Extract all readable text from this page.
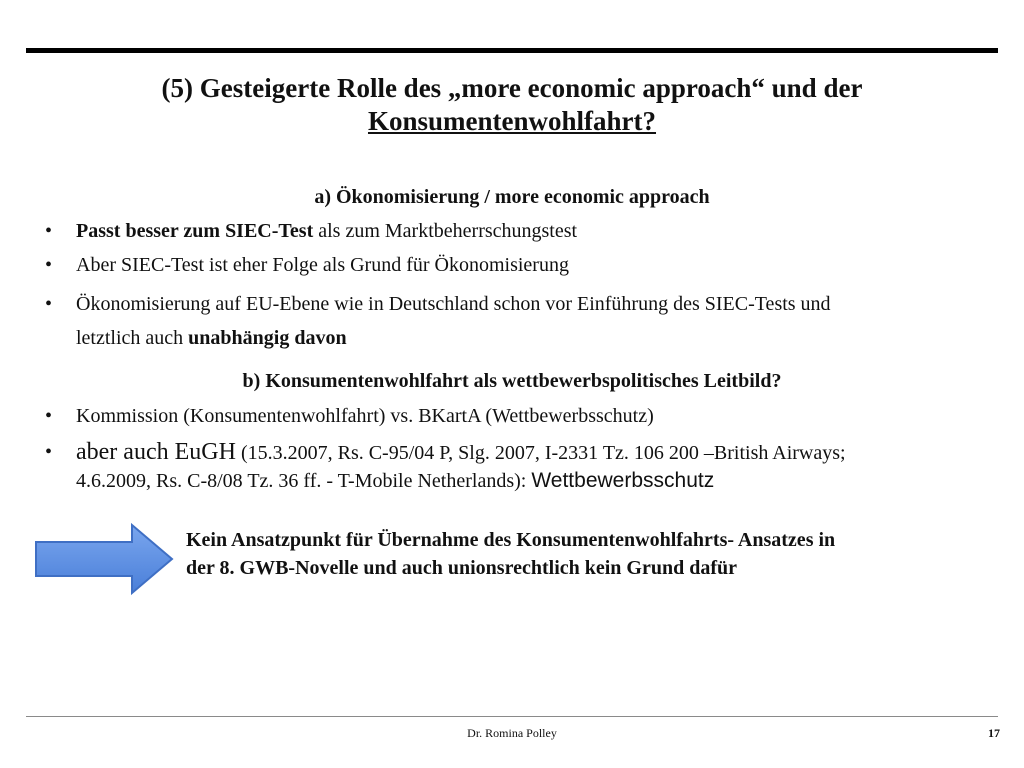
(5) Gesteigerte Rolle des „more economic approach“ und der
Konsumentenwohlfahrt?
a) Ökonomisierung / more economic approach
• Passt besser zum SIEC-Test als zum Marktbeherrschungstest
• Aber SIEC-Test ist eher Folge als Grund für Ökonomisierung
• Ökonomisierung auf EU-Ebene wie in Deutschland schon vor Einführung des SIEC-Tests und
letztlich auch unabhängig davon
b) Konsumentenwohlfahrt als wettbewerbspolitisches Leitbild?
• Kommission (Konsumentenwohlfahrt) vs. BKartA (Wettbewerbsschutz)
• aber auch EuGH (15.3.2007, Rs. C-95/04 P, Slg. 2007, I-2331 Tz. 106 200 –British Airways;
4.6.2009, Rs. C-8/08 Tz. 36 ff. - T-Mobile Netherlands): Wettbewerbsschutz
Kein Ansatzpunkt für Übernahme des Konsumentenwohlfahrts- Ansatzes in
der 8. GWB-Novelle und auch unionsrechtlich kein Grund dafür
Dr. Romina Polley	17
